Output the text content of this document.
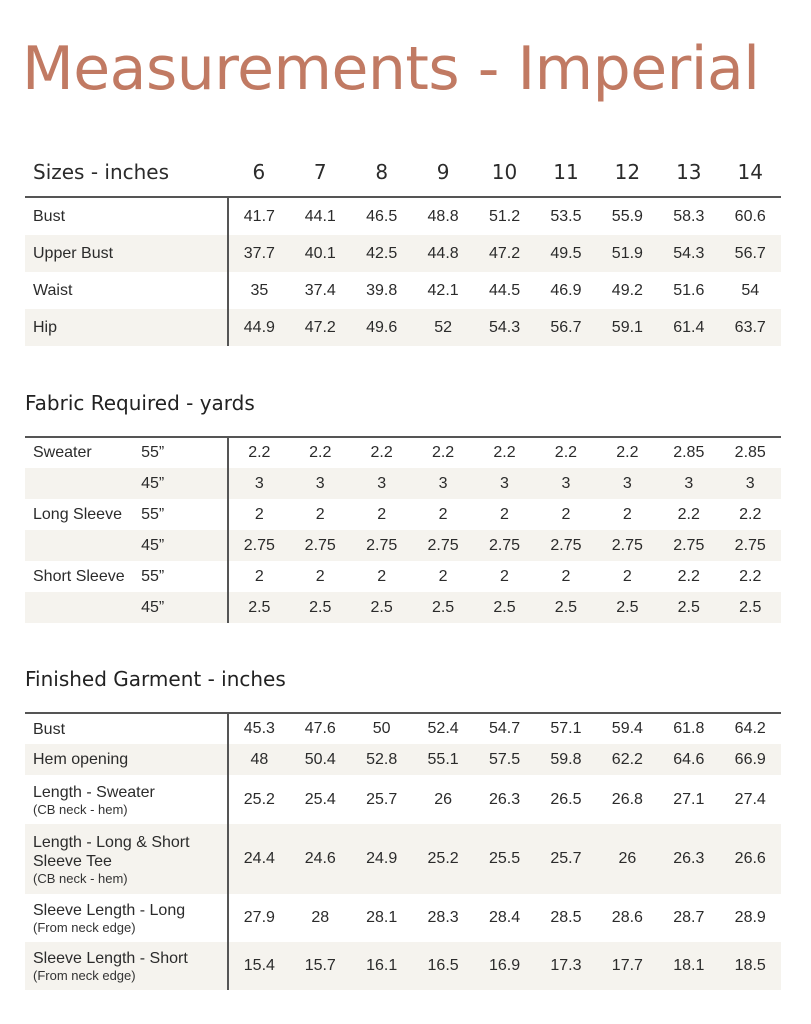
Measurements - Imperial
Sizes - inches	6	7	8	9	10	11	12	13	14
Bust	41.7	44.1	46.5	48.8	51.2	53.5	55.9	58.3	60.6
Upper Bust	37.7	40.1	42.5	44.8	47.2	49.5	51.9	54.3	56.7
Waist	35	37.4	39.8	42.1	44.5	46.9	49.2	51.6	54
Hip	44.9	47.2	49.6	52	54.3	56.7	59.1	61.4	63.7
Fabric Required - yards
Sweater	55”	2.2	2.2	2.2	2.2	2.2	2.2	2.2	2.85	2.85
	45”	3	3	3	3	3	3	3	3	3
Long Sleeve	55”	2	2	2	2	2	2	2	2.2	2.2
	45”	2.75	2.75	2.75	2.75	2.75	2.75	2.75	2.75	2.75
Short Sleeve	55”	2	2	2	2	2	2	2	2.2	2.2
	45”	2.5	2.5	2.5	2.5	2.5	2.5	2.5	2.5	2.5
Finished Garment - inches
Bust	45.3	47.6	50	52.4	54.7	57.1	59.4	61.8	64.2

Hem opening	48	50.4	52.8	55.1	57.5	59.8	62.2	64.6	66.9

Length - Sweater
(CB neck - hem)	25.2	25.4	25.7	26	26.3	26.5	26.8	27.1	27.4

Length - Long & Short
Sleeve Tee
(CB neck - hem)	24.4	24.6	24.9	25.2	25.5	25.7	26	26.3	26.6

Sleeve Length - Long
(From neck edge)	27.9	28	28.1	28.3	28.4	28.5	28.6	28.7	28.9

Sleeve Length - Short
(From neck edge)	15.4	15.7	16.1	16.5	16.9	17.3	17.7	18.1	18.5
